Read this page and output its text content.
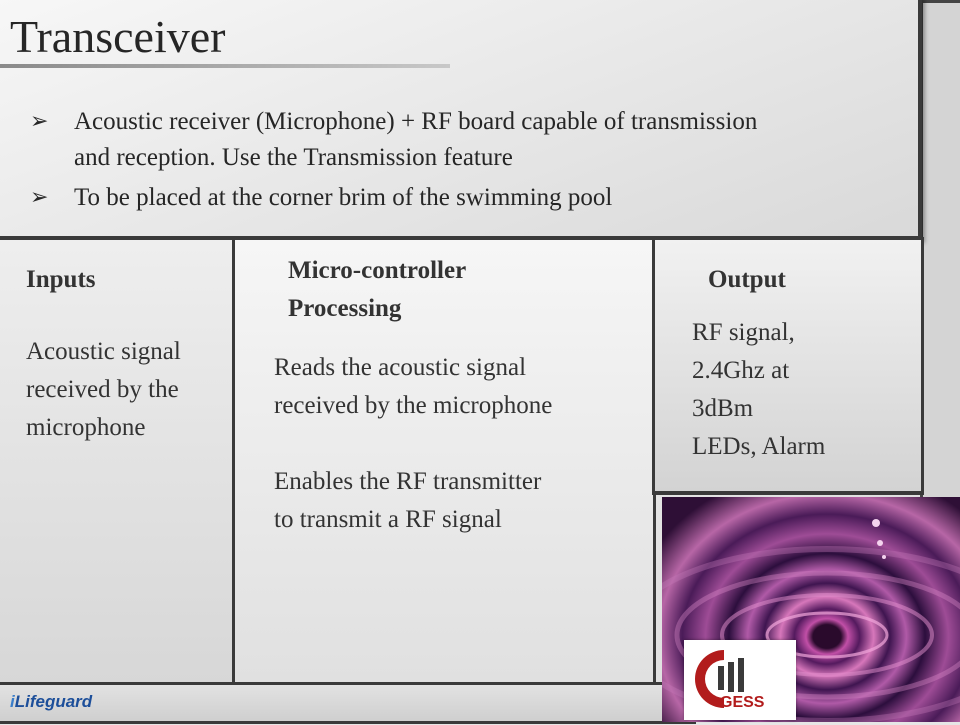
Transceiver
➢ Acoustic receiver (Microphone) + RF board capable of transmission and reception. Use the Transmission feature
➢ To be placed at the corner brim of the swimming pool
Inputs
Acoustic signal
received by the
microphone
Micro-controller
Processing
Reads the acoustic signal
received by the microphone

Enables the RF transmitter
to transmit a RF signal
Output
RF signal,
2.4Ghz at
3dBm
LEDs, Alarm
GESS
iLifeguard
